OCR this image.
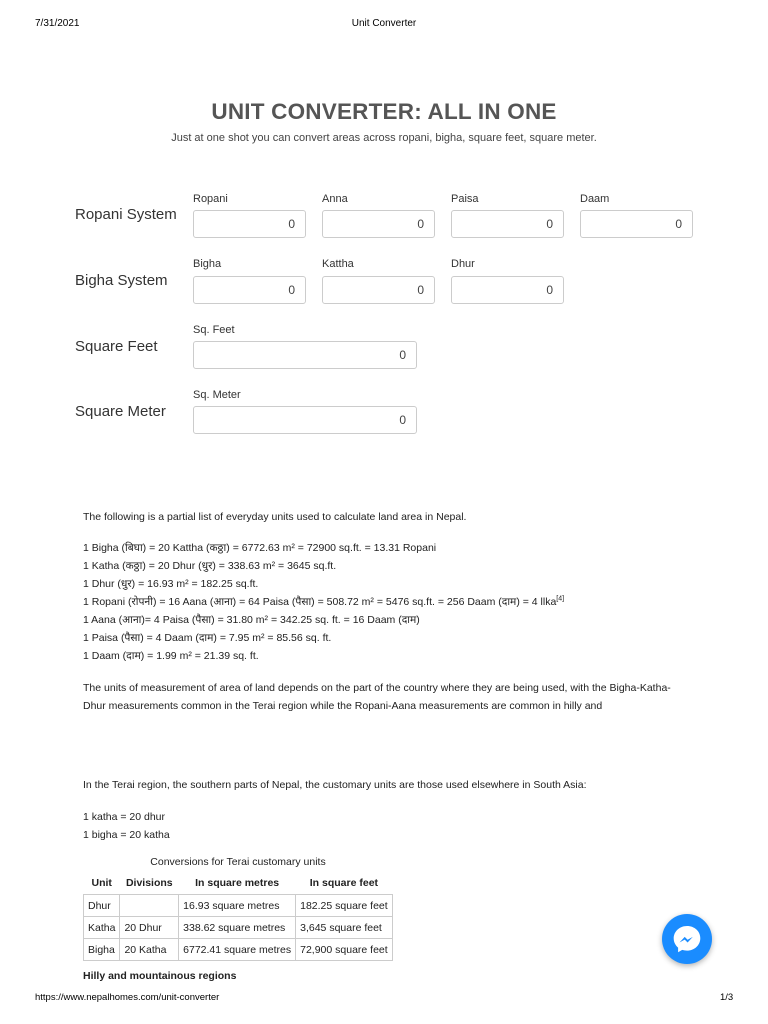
7/31/2021	Unit Converter
https://www.nepalhomes.com/unit-converter	1/3
UNIT CONVERTER: ALL IN ONE
Just at one shot you can convert areas across ropani, bigha, square feet, square meter.
Ropani System
Ropani
0
Anna
0
Paisa
0
Daam
0
Bigha System
Bigha
0
Kattha
0
Dhur
0
Square Feet
Sq. Feet
0
Square Meter
Sq. Meter
0
The following is a partial list of everyday units used to calculate land area in Nepal.
1 Bigha (बिघा) = 20 Kattha (कठ्ठा) = 6772.63 m² = 72900 sq.ft. = 13.31 Ropani
1 Katha (कठ्ठा) = 20 Dhur (धुर) = 338.63 m² = 3645 sq.ft.
1 Dhur (धुर) = 16.93 m² = 182.25 sq.ft.
1 Ropani (रोपनी) = 16 Aana (आना) = 64 Paisa (पैसा) = 508.72 m² = 5476 sq.ft. = 256 Daam (दाम) = 4 llka[4]
1 Aana (आना)= 4 Paisa (पैसा) = 31.80 m² = 342.25 sq. ft. = 16 Daam (दाम)
1 Paisa (पैसा) = 4 Daam (दाम) = 7.95 m² = 85.56 sq. ft.
1 Daam (दाम) = 1.99 m² = 21.39 sq. ft.
The units of measurement of area of land depends on the part of the country where they are being used, with the Bigha-Katha-Dhur measurements common in the Terai region while the Ropani-Aana measurements are common in hilly and
In the Terai region, the southern parts of Nepal, the customary units are those used elsewhere in South Asia:
1 katha = 20 dhur
1 bigha = 20 katha
Conversions for Terai customary units
Unit	Divisions	In square metres	In square feet
Dhur		16.93 square metres	182.25 square feet
Katha	20 Dhur	338.62 square metres	3,645 square feet
Bigha	20 Katha	6772.41 square metres	72,900 square feet
Hilly and mountainous regions
